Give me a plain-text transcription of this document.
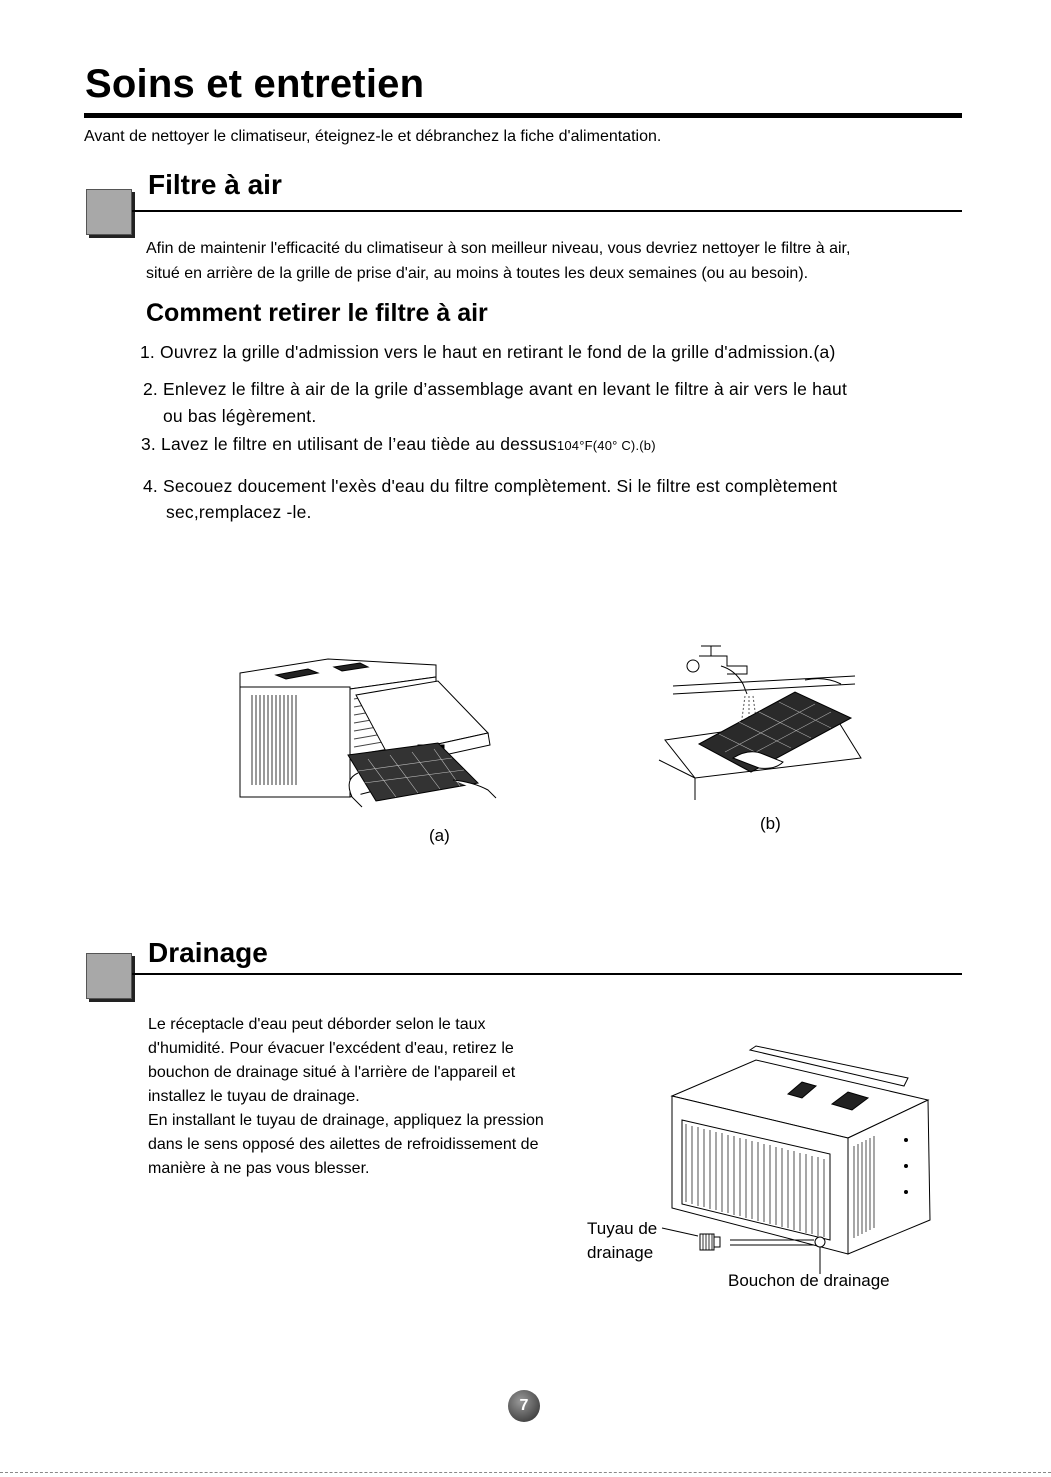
Soins et entretien
Avant de nettoyer le climatiseur, éteignez-le et débranchez la fiche d'alimentation.
Filtre à air
Afin de maintenir l'efficacité du climatiseur à son meilleur niveau, vous devriez nettoyer le filtre à air,
situé en arrière de la grille de prise d'air, au moins à toutes les deux semaines (ou au besoin).
Comment retirer le filtre à air
1. Ouvrez la grille d'admission vers le haut en retirant le fond de la grille d'admission.(a)
2. Enlevez le filtre à air de la grile d’assemblage avant en levant le filtre à air vers le haut
ou bas légèrement.
3. Lavez le filtre en utilisant de l’eau tiède au dessus104°F(40° C).(b)
4. Secouez doucement l'exès d'eau du filtre complètement. Si le filtre est complètement
sec,remplacez -le.
(a)
(b)
Drainage
Le réceptacle d'eau peut déborder selon le taux
d'humidité. Pour évacuer l'excédent d'eau, retirez le
bouchon de drainage situé à l'arrière de l'appareil et
installez le tuyau de drainage.
En installant le tuyau de drainage, appliquez la pression
dans le sens opposé des ailettes de refroidissement de
manière à ne pas vous blesser.
Tuyau de
drainage
Bouchon de drainage
7
